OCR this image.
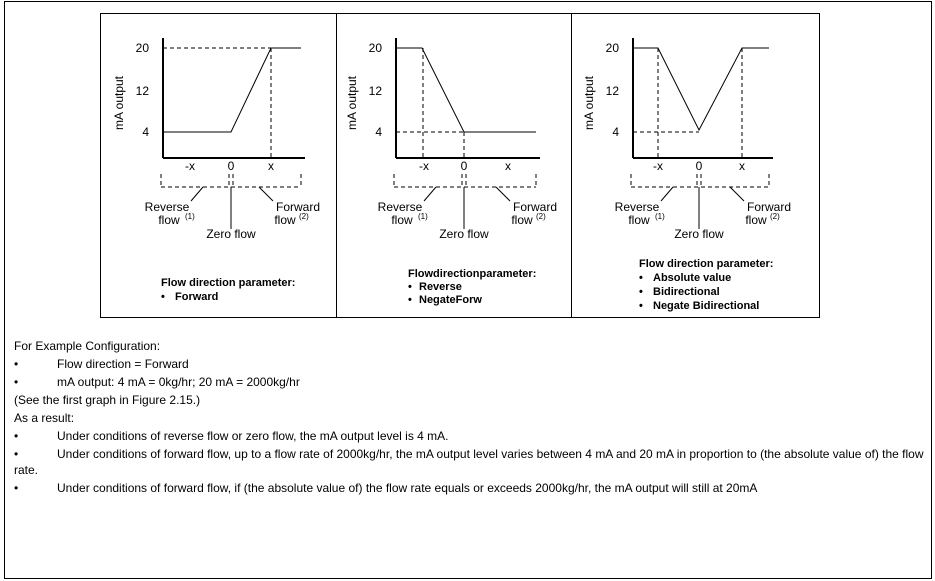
mA output
20
12
4
-x	0	x
Reverse
flow (1)
Forward
flow (2)
Zero flow
mA output
20
12
4
-x	0	x
Reverse
flow (1)
Forward
flow (2)
Zero flow
mA output
20
12
4
-x	0	x
Reverse
flow (1)
Forward
flow (2)
Zero flow
Flow direction parameter:
• Forward
Flowdirectionparameter:
• Reverse
• NegateForw
Flow direction parameter:
• Absolute value
• Bidirectional
• Negate Bidirectional
For Example Configuration:
•	Flow direction = Forward
•	mA output: 4 mA = 0kg/hr; 20 mA = 2000kg/hr
(See the first graph in Figure 2.15.)
As a result:
•	Under conditions of reverse flow or zero flow, the mA output level is 4 mA.
•	Under conditions of forward flow, up to a flow rate of 2000kg/hr, the mA output level varies between 4 mA and 20 mA in proportion to (the absolute value of) the flow rate.
•	Under conditions of forward flow, if (the absolute value of) the flow rate equals or exceeds 2000kg/hr, the mA output will still at 20mA
